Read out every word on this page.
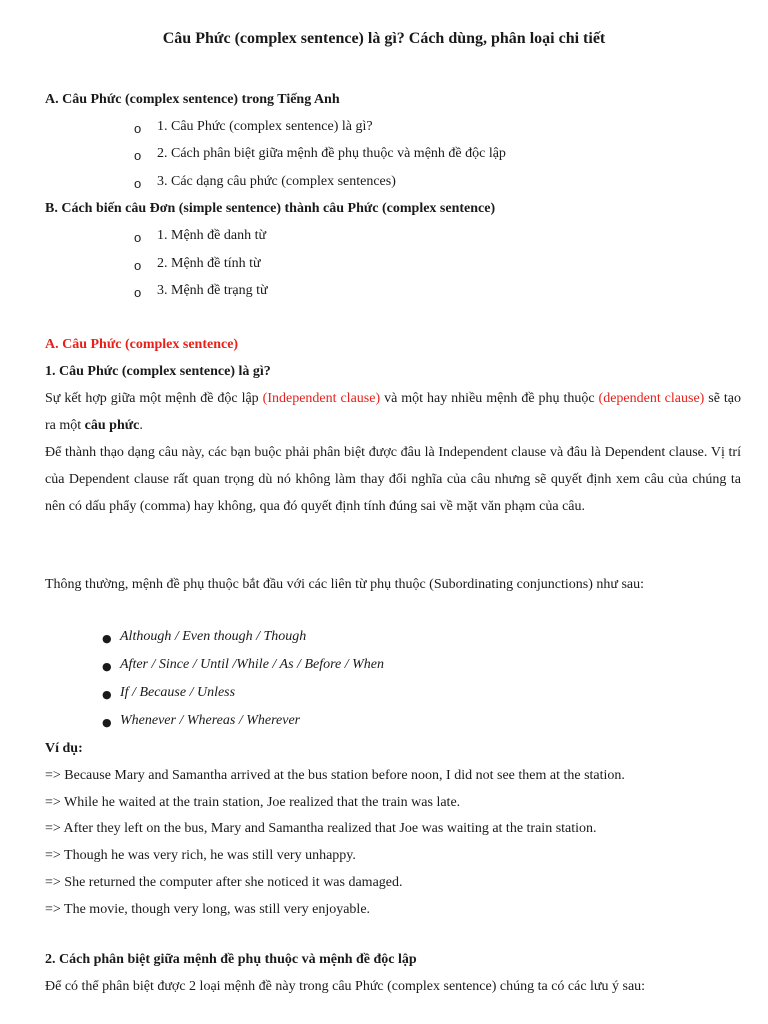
Câu Phức (complex sentence) là gì? Cách dùng, phân loại chi tiết
A. Câu Phức (complex sentence) trong Tiếng Anh
o 1. Câu Phức (complex sentence) là gì?
o 2. Cách phân biệt giữa mệnh đề phụ thuộc và mệnh đề độc lập
o 3. Các dạng câu phức (complex sentences)
B. Cách biến câu Đơn (simple sentence) thành câu Phức (complex sentence)
o 1. Mệnh đề danh từ
o 2. Mệnh đề tính từ
o 3. Mệnh đề trạng từ
A. Câu Phức (complex sentence)
1. Câu Phức (complex sentence) là gì?
Sự kết hợp giữa một mệnh đề độc lập (Independent clause) và một hay nhiều mệnh đề phụ thuộc (dependent clause) sẽ tạo ra một câu phức.
Để thành thạo dạng câu này, các bạn buộc phải phân biệt được đâu là Independent clause và đâu là Dependent clause. Vị trí của Dependent clause rất quan trọng dù nó không làm thay đổi nghĩa của câu nhưng sẽ quyết định xem câu của chúng ta nên có dấu phẩy (comma) hay không, qua đó quyết định tính đúng sai về mặt văn phạm của câu.
Thông thường, mệnh đề phụ thuộc bắt đầu với các liên từ phụ thuộc (Subordinating conjunctions) như sau:
● Although / Even though / Though
● After / Since / Until /While / As / Before / When
● If / Because / Unless
● Whenever / Whereas / Wherever
Ví dụ:
=> Because Mary and Samantha arrived at the bus station before noon, I did not see them at the station.
=> While he waited at the train station, Joe realized that the train was late.
=> After they left on the bus, Mary and Samantha realized that Joe was waiting at the train station.
=> Though he was very rich, he was still very unhappy.
=> She returned the computer after she noticed it was damaged.
=> The movie, though very long, was still very enjoyable.
2. Cách phân biệt giữa mệnh đề phụ thuộc và mệnh đề độc lập
Để có thể phân biệt được 2 loại mệnh đề này trong câu Phức (complex sentence) chúng ta có các lưu ý sau:
